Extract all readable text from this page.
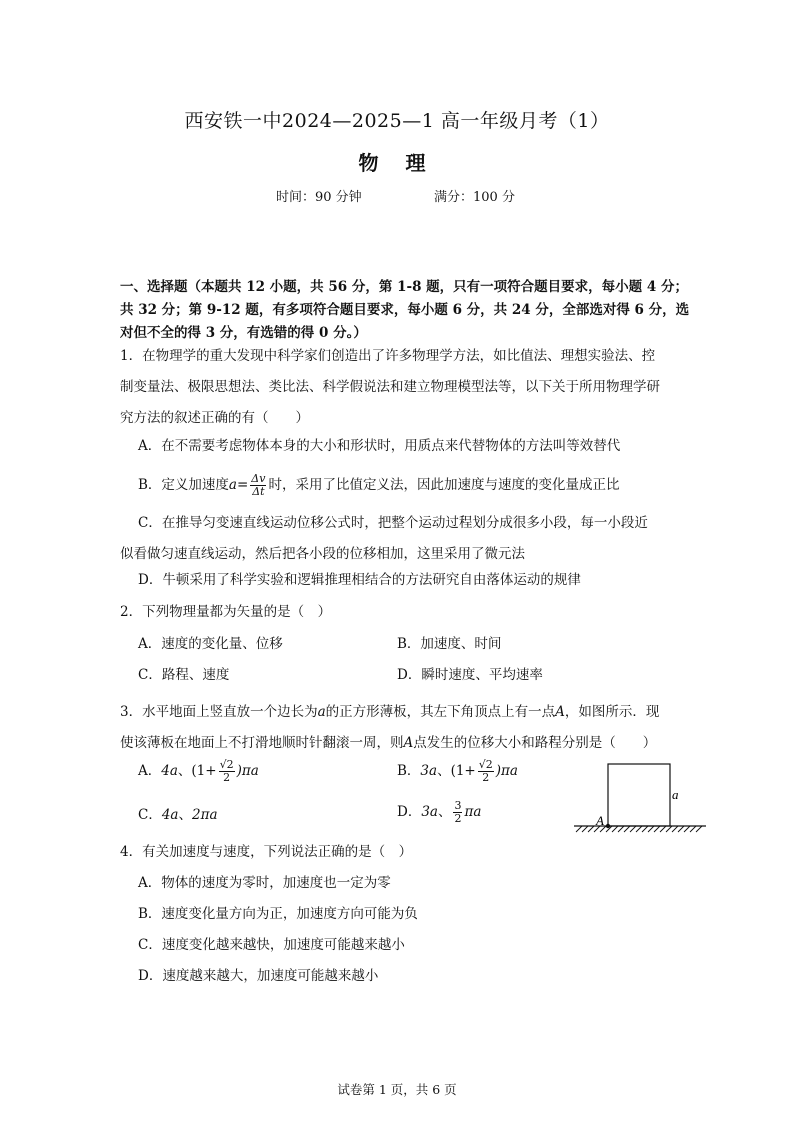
西安铁一中2024—2025—1 高一年级月考（1）
物 理
时间：90 分钟	满分：100 分
一、选择题（本题共 12 小题，共 56 分，第 1-8 题，只有一项符合题目要求，每小题 4 分；
共 32 分；第 9-12 题，有多项符合题目要求，每小题 6 分，共 24 分，全部选对得 6 分，选
对但不全的得 3 分，有选错的得 0 分。）
1．在物理学的重大发现中科学家们创造出了许多物理学方法，如比值法、理想实验法、控
制变量法、极限思想法、类比法、科学假说法和建立物理模型法等，以下关于所用物理学研
究方法的叙述正确的有（　　）
A．在不需要考虑物体本身的大小和形状时，用质点来代替物体的方法叫等效替代
B．定义加速度$a= \frac{\Delta v}{\Delta t}$ 时，采用了比值定义法，因此加速度与速度的变化量成正比
C．在推导匀变速直线运动位移公式时，把整个运动过程划分成很多小段，每一小段近
似看做匀速直线运动，然后把各小段的位移相加，这里采用了微元法
D．牛顿采用了科学实验和逻辑推理相结合的方法研究自由落体运动的规律
2．下列物理量都为矢量的是（　）
A．速度的变化量、位移	B．加速度、时间
C．路程、速度	D．瞬时速度、平均速率
3．水平地面上竖直放一个边长为a的正方形薄板，其左下角顶点上有一点A，如图所示．现
使该薄板在地面上不打滑地顺时针翻滚一周，则A点发生的位移大小和路程分别是（　　）
A．4a、$(1+ \frac{√2}{2} )\pi a$	B．3a、$(1+ \frac{√2}{2} )\pi a$
C．4a、2πa	D．3a、 $\frac{3}{2}$ πa
A
a
4．有关加速度与速度，下列说法正确的是（　）
A．物体的速度为零时，加速度也一定为零
B．速度变化量方向为正，加速度方向可能为负
C．速度变化越来越快，加速度可能越来越小
D．速度越来越大，加速度可能越来越小
试卷第 1 页，共 6 页
